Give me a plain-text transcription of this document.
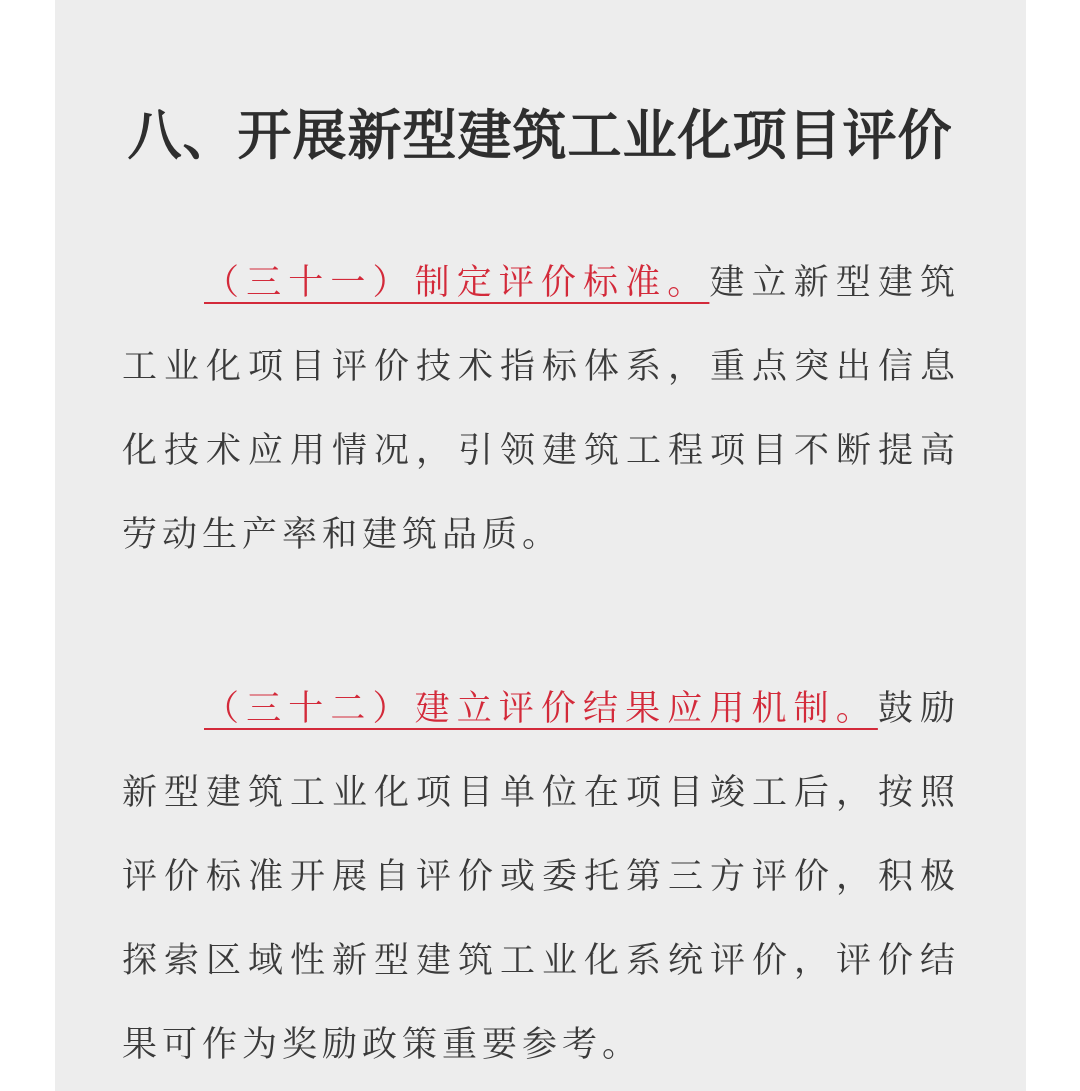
八、开展新型建筑工业化项目评价

（三十一）制定评价标准。建立新型建筑工业化项目评价技术指标体系，重点突出信息化技术应用情况，引领建筑工程项目不断提高劳动生产率和建筑品质。

（三十二）建立评价结果应用机制。鼓励新型建筑工业化项目单位在项目竣工后，按照评价标准开展自评价或委托第三方评价，积极探索区域性新型建筑工业化系统评价，评价结果可作为奖励政策重要参考。
